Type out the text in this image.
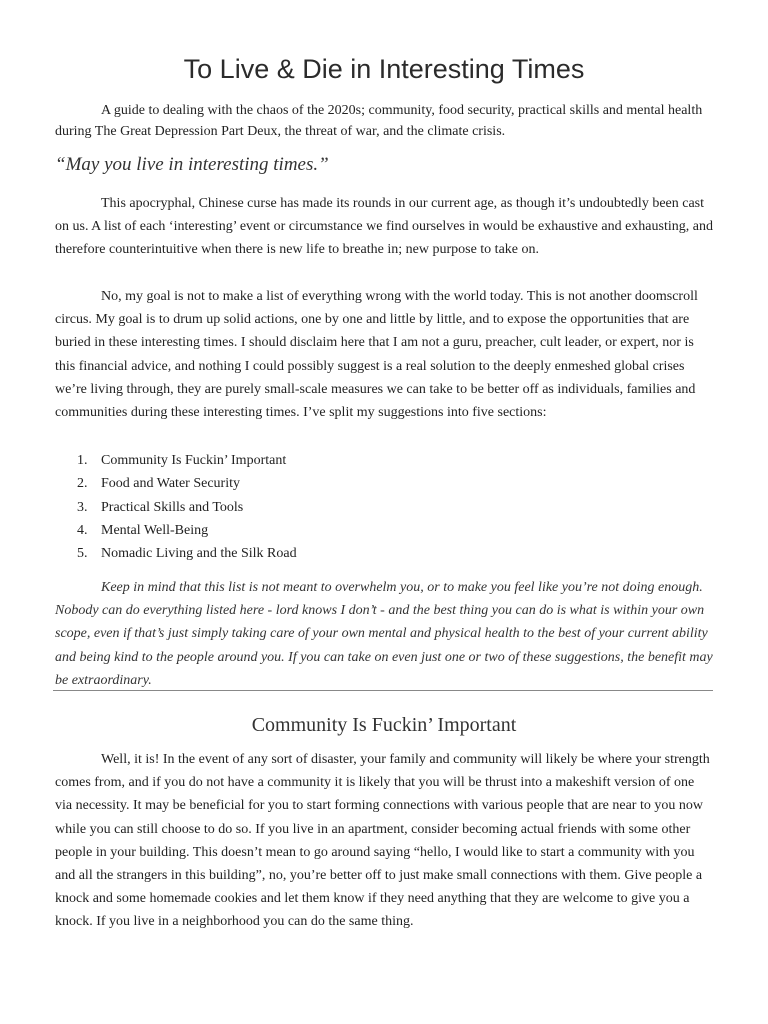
To Live & Die in Interesting Times

A guide to dealing with the chaos of the 2020s; community, food security, practical skills and mental health during The Great Depression Part Deux, the threat of war, and the climate crisis.

“May you live in interesting times.”

This apocryphal, Chinese curse has made its rounds in our current age, as though it’s undoubtedly been cast on us. A list of each ‘interesting’ event or circumstance we find ourselves in would be exhaustive and exhausting, and therefore counterintuitive when there is new life to breathe in; new purpose to take on.

No, my goal is not to make a list of everything wrong with the world today. This is not another doomscroll circus. My goal is to drum up solid actions, one by one and little by little, and to expose the opportunities that are buried in these interesting times. I should disclaim here that I am not a guru, preacher, cult leader, or expert, nor is this financial advice, and nothing I could possibly suggest is a real solution to the deeply enmeshed global crises we’re living through, they are purely small-scale measures we can take to be better off as individuals, families and communities during these interesting times. I’ve split my suggestions into five sections:

1. Community Is Fuckin’ Important
2. Food and Water Security
3. Practical Skills and Tools
4. Mental Well-Being
5. Nomadic Living and the Silk Road

Keep in mind that this list is not meant to overwhelm you, or to make you feel like you’re not doing enough. Nobody can do everything listed here - lord knows I don’t - and the best thing you can do is what is within your own scope, even if that’s just simply taking care of your own mental and physical health to the best of your current ability and being kind to the people around you. If you can take on even just one or two of these suggestions, the benefit may be extraordinary.

Community Is Fuckin’ Important

Well, it is! In the event of any sort of disaster, your family and community will likely be where your strength comes from, and if you do not have a community it is likely that you will be thrust into a makeshift version of one via necessity. It may be beneficial for you to start forming connections with various people that are near to you now while you can still choose to do so. If you live in an apartment, consider becoming actual friends with some other people in your building. This doesn’t mean to go around saying “hello, I would like to start a community with you and all the strangers in this building”, no, you’re better off to just make small connections with them. Give people a knock and some homemade cookies and let them know if they need anything that they are welcome to give you a knock. If you live in a neighborhood you can do the same thing.
